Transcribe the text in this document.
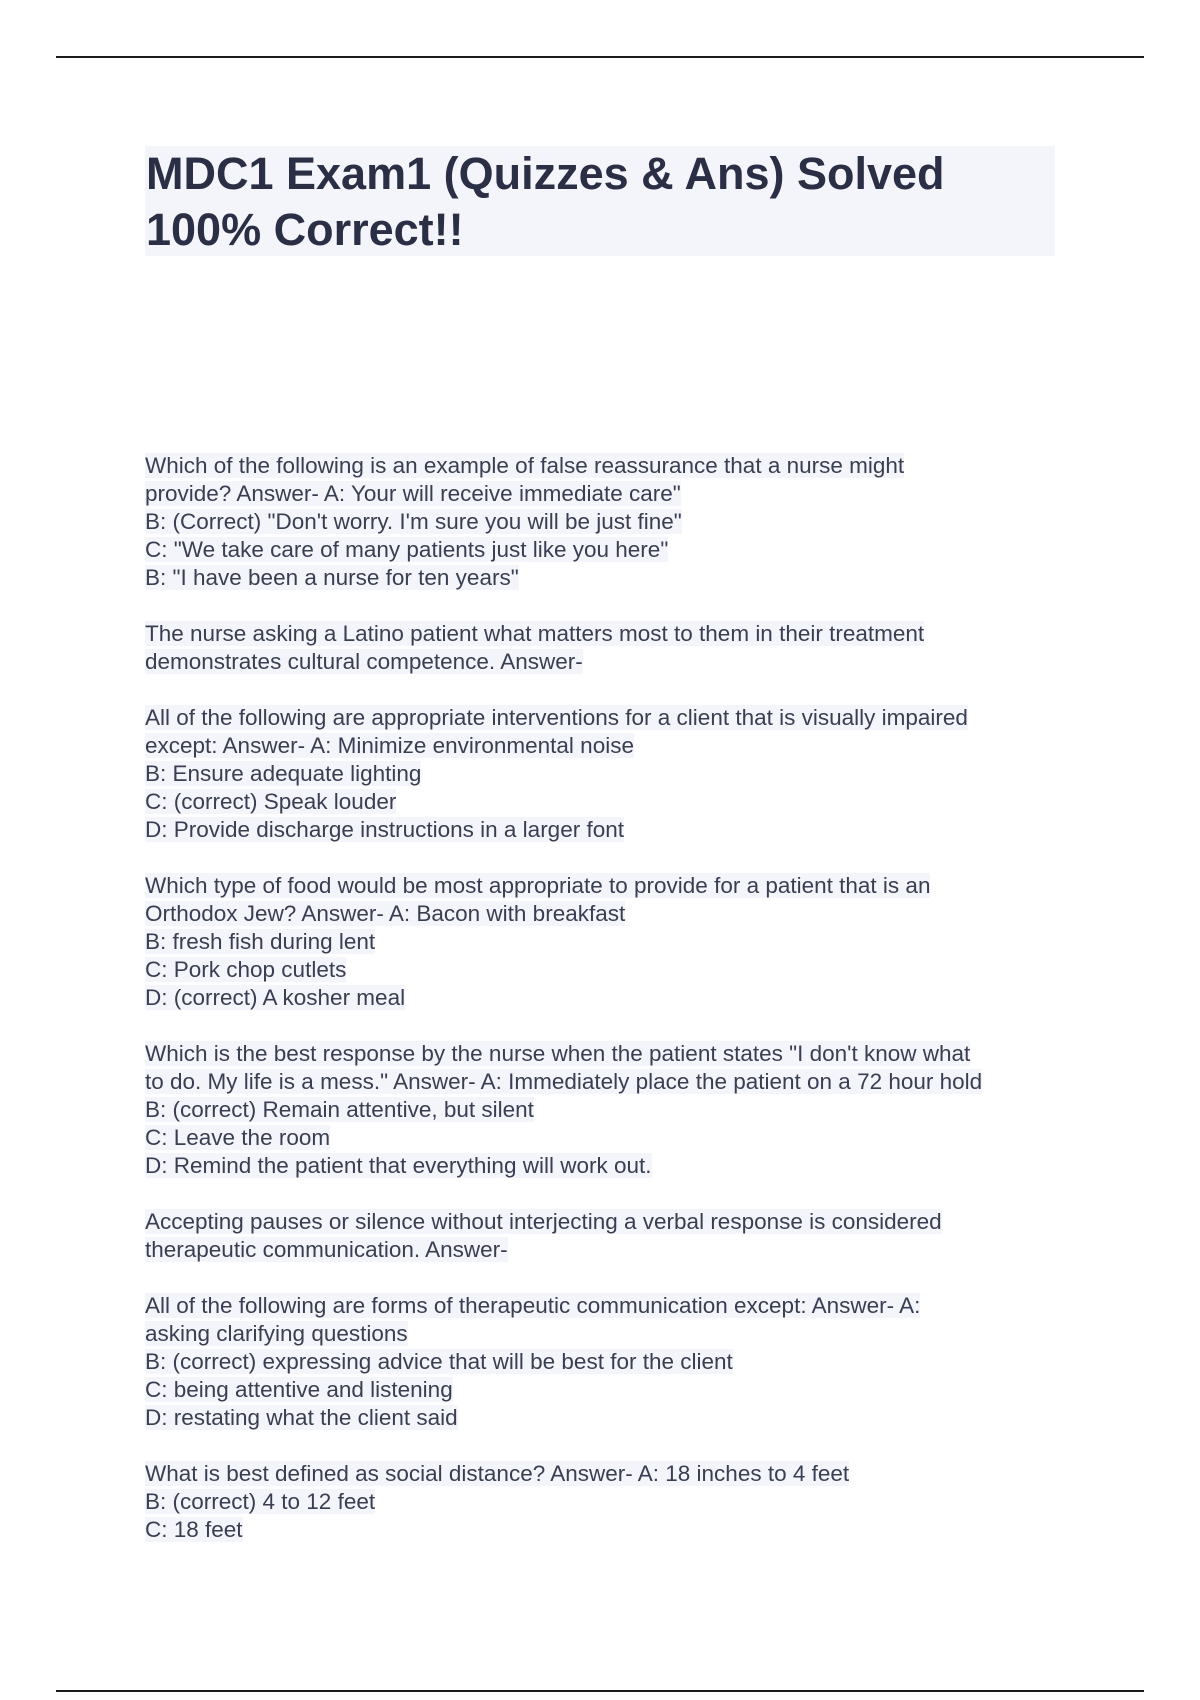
MDC1 Exam1 (Quizzes & Ans) Solved
100% Correct!!
Which of the following is an example of false reassurance that a nurse might
provide? Answer- A: Your will receive immediate care"
B: (Correct) "Don't worry. I'm sure you will be just fine"
C: "We take care of many patients just like you here"
B: "I have been a nurse for ten years"
The nurse asking a Latino patient what matters most to them in their treatment
demonstrates cultural competence. Answer-
All of the following are appropriate interventions for a client that is visually impaired
except: Answer- A: Minimize environmental noise
B: Ensure adequate lighting
C: (correct) Speak louder
D: Provide discharge instructions in a larger font
Which type of food would be most appropriate to provide for a patient that is an
Orthodox Jew? Answer- A: Bacon with breakfast
B: fresh fish during lent
C: Pork chop cutlets
D: (correct) A kosher meal
Which is the best response by the nurse when the patient states "I don't know what
to do. My life is a mess." Answer- A: Immediately place the patient on a 72 hour hold
B: (correct) Remain attentive, but silent
C: Leave the room
D: Remind the patient that everything will work out.
Accepting pauses or silence without interjecting a verbal response is considered
therapeutic communication. Answer-
All of the following are forms of therapeutic communication except: Answer- A:
asking clarifying questions
B: (correct) expressing advice that will be best for the client
C: being attentive and listening
D: restating what the client said
What is best defined as social distance? Answer- A: 18 inches to 4 feet
B: (correct) 4 to 12 feet
C: 18 feet
